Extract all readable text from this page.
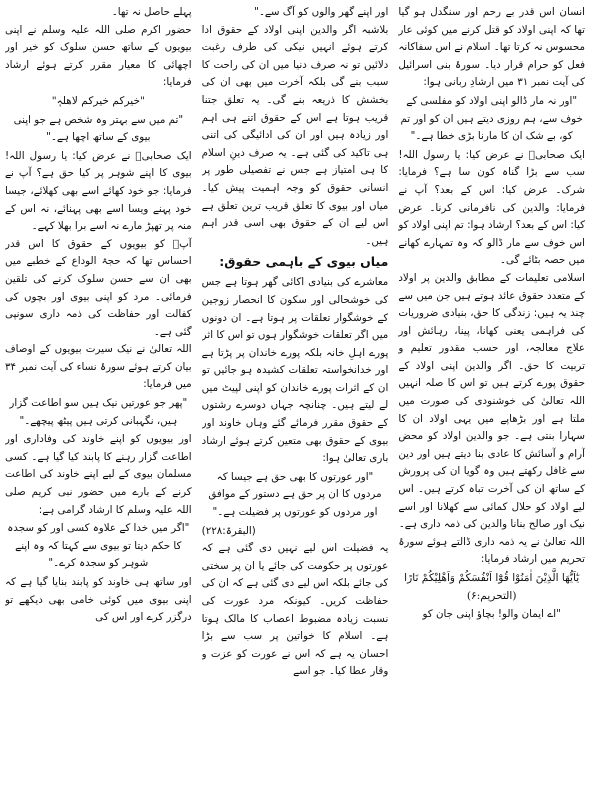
انسان اس قدر بے رحم اور سنگدل ہو گیا تھا کہ اپنی اولاد کو قتل کرنے میں کوئی عار محسوس نہ کرتا تھا۔ اسلام نے اس سفاکانہ فعل کو حرام قرار دیا۔ سورۂ بنی اسرائیل کی آیت نمبر ۳۱ میں ارشادِ ربانی ہوا:

"اور نہ مار ڈالو اپنی اولاد کو مفلسی کے خوف سے، ہم روزی دیتے ہیں ان کو اور تم کو، بے شک ان کا مارنا بڑی خطا ہے۔"

ایک صحابیؓ نے عرض کیا: یا رسول اللہ! سب سے بڑا گناہ کون سا ہے؟ فرمایا: شرک۔ عرض کیا: اس کے بعد؟ آپ نے فرمایا: والدین کی نافرمانی کرنا۔ عرض کیا: اس کے بعد؟ ارشاد ہوا: تم اپنی اولاد کو اس خوف سے مار ڈالو کہ وہ تمہارے کھانے میں حصہ بٹائے گی۔

اسلامی تعلیمات کے مطابق والدین پر اولاد کے متعدد حقوق عائد ہوتے ہیں جن میں سے چند یہ ہیں: زندگی کا حق، بنیادی ضروریات کی فراہمی یعنی کھانا، پینا، رہائش اور علاج معالجہ، اور حسب مقدور تعلیم و تربیت کا حق۔ اگر والدین اپنی اولاد کے حقوق پورے کرتے ہیں تو اس کا صلہ انہیں اللہ تعالیٰ کی خوشنودی کی صورت میں ملتا ہے اور بڑھاپے میں یہی اولاد ان کا سہارا بنتی ہے۔ جو والدین اولاد کو محض آرام و آسائش کا عادی بنا دیتے ہیں اور دین سے غافل رکھتے ہیں وہ گویا ان کی پرورش کے ساتھ ان کی آخرت تباہ کرتے ہیں۔ اس لیے اولاد کو حلال کمائی سے کھلانا اور اسے نیک اور صالح بنانا والدین کی ذمہ داری ہے۔

اللہ تعالیٰ نے یہ ذمہ داری ڈالتے ہوئے سورۂ تحریم میں ارشاد فرمایا:

یٰٓاَیُّھَا الَّذِیْنَ اٰمَنُوْا قُوْٓا اَنْفُسَکُمْ وَاَھْلِیْکُمْ نَارًا (التحریم:۶)

"اے ایمان والو! بچاؤ اپنی جان کو

اور اپنے گھر والوں کو آگ سے۔"

بلاشبہ اگر والدین اپنی اولاد کے حقوق ادا کرتے ہوئے انہیں نیکی کی طرف رغبت دلائیں تو نہ صرف دنیا میں ان کی راحت کا سبب بنے گی بلکہ آخرت میں بھی ان کی بخشش کا ذریعہ بنے گی۔ یہ تعلق جتنا قریب ہوتا ہے اس کے حقوق اتنے ہی اہم اور زیادہ ہیں اور ان کی ادائیگی کی اتنی ہی تاکید کی گئی ہے۔ یہ صرف دینِ اسلام کا ہی امتیاز ہے جس نے تفصیلی طور پر انسانی حقوق کو وجہ اہمیت پیش کیا۔ میاں اور بیوی کا تعلق قریب ترین تعلق ہے اس لیے ان کے حقوق بھی اسی قدر اہم ہیں۔

میاں بیوی کے باہمی حقوق:

معاشرے کی بنیادی اکائی گھر ہوتا ہے جس کی خوشحالی اور سکون کا انحصار زوجین کے خوشگوار تعلقات پر ہوتا ہے۔ ان دونوں میں اگر تعلقات خوشگوار ہوں تو اس کا اثر پورے اہلِ خانہ بلکہ پورے خاندان پر پڑتا ہے اور خدانخواستہ تعلقات کشیدہ ہو جائیں تو ان کے اثرات پورے خاندان کو اپنی لپیٹ میں لے لیتے ہیں۔ چنانچہ جہاں دوسرے رشتوں کے حقوق مقرر فرمائے گئے وہاں خاوند اور بیوی کے حقوق بھی متعین کرتے ہوئے ارشاد باری تعالیٰ ہوا:

"اور عورتوں کا بھی حق ہے جیسا کہ مردوں کا ان پر حق ہے دستور کے موافق اور مردوں کو عورتوں پر فضیلت ہے۔"

(البقرۃ:۲۲۸)

یہ فضیلت اس لیے نہیں دی گئی ہے کہ عورتوں پر حکومت کی جائے یا ان پر سختی کی جائے بلکہ اس لیے دی گئی ہے کہ ان کی حفاظت کریں۔ کیونکہ مرد عورت کی نسبت زیادہ مضبوط اعصاب کا مالک ہوتا ہے۔ اسلام کا خواتین پر سب سے بڑا احسان یہ ہے کہ اس نے عورت کو عزت و وقار عطا کیا۔ جو اسے

پہلے حاصل نہ تھا۔

حضور اکرم صلی اللہ علیہ وسلم نے اپنی بیویوں کے ساتھ حسن سلوک کو خیر اور اچھائی کا معیار مقرر کرتے ہوئے ارشاد فرمایا:

"خیرکم خیرکم لاھلہٖ"

"تم میں سے بہتر وہ شخص ہے جو اپنی بیوی کے ساتھ اچھا ہے۔"

ایک صحابیؓ نے عرض کیا: یا رسول اللہ! بیوی کا اپنے شوہر پر کیا حق ہے؟ آپ نے فرمایا: جو خود کھائے اسے بھی کھلائے، جیسا خود پہنے ویسا اسے بھی پہنائے، نہ اس کے منہ پر تھپڑ مارے نہ اسے برا بھلا کہے۔

آپؐ کو بیویوں کے حقوق کا اس قدر احساس تھا کہ حجۃ الوداع کے خطبے میں بھی ان سے حسن سلوک کرنے کی تلقین فرمائی۔ مرد کو اپنی بیوی اور بچوں کی کفالت اور حفاظت کی ذمہ داری سونپی گئی ہے۔

اللہ تعالیٰ نے نیک سیرت بیویوں کے اوصاف بیان کرتے ہوئے سورۂ نساء کی آیت نمبر ۳۴ میں فرمایا:

"پھر جو عورتیں نیک ہیں سو اطاعت گزار ہیں، نگہبانی کرتی ہیں پیٹھ پیچھے۔"

اور بیویوں کو اپنے خاوند کی وفاداری اور اطاعت گزار رہنے کا پابند کیا گیا ہے۔ کسی مسلمان بیوی کے لیے اپنے خاوند کی اطاعت کرنے کے بارے میں حضور نبی کریم صلی اللہ علیہ وسلم کا ارشاد گرامی ہے:

"اگر میں خدا کے علاوہ کسی اور کو سجدہ کا حکم دیتا تو بیوی سے کہتا کہ وہ اپنے شوہر کو سجدہ کرے۔"

اور ساتھ ہی خاوند کو پابند بنایا گیا ہے کہ اپنی بیوی میں کوئی خامی بھی دیکھے تو درگزر کرے اور اس کی
